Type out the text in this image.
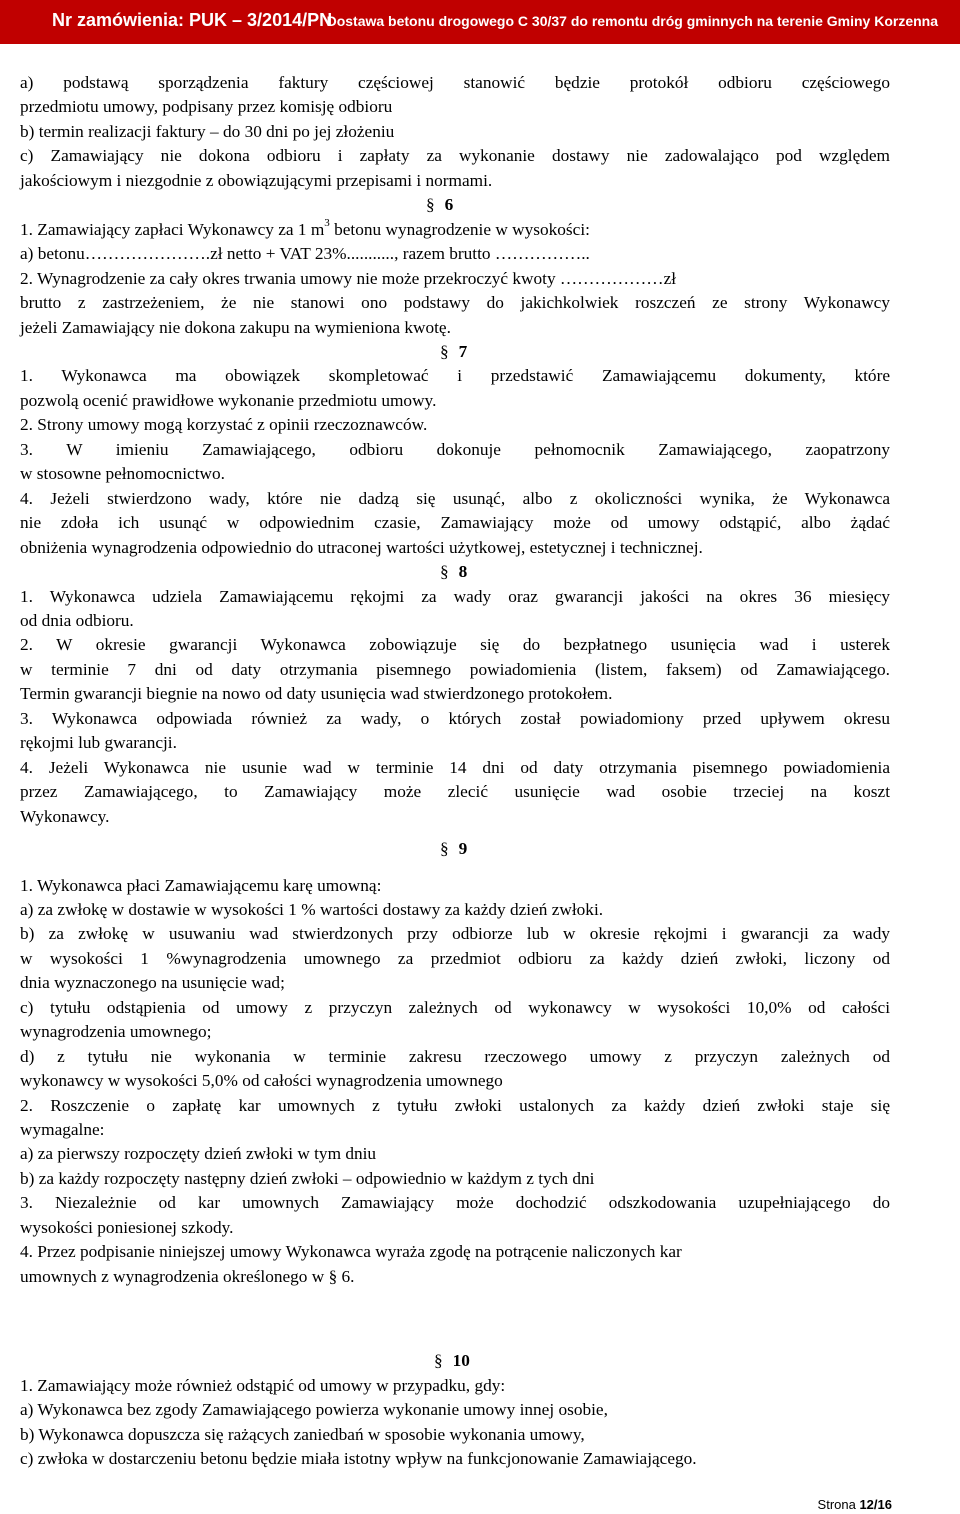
Nr zamówienia: PUK – 3/2014/PN
Dostawa betonu drogowego C 30/37 do remontu dróg gminnych na terenie Gminy Korzenna
a) podstawą sporządzenia faktury częściowej stanowić będzie protokół odbioru częściowego
przedmiotu umowy, podpisany przez komisję odbioru
b) termin realizacji faktury – do 30 dni po jej złożeniu
c) Zamawiający nie dokona odbioru i zapłaty za wykonanie dostawy nie zadowalająco pod względem
jakościowym i niezgodnie z obowiązującymi przepisami i normami.
§ 6
1. Zamawiający zapłaci Wykonawcy za 1 $m^3$ betonu wynagrodzenie w wysokości:
a) betonu………………….zł netto + VAT 23%..........., razem brutto ……………..
2. Wynagrodzenie za cały okres trwania umowy nie może przekroczyć kwoty ………………zł
brutto z zastrzeżeniem, że nie stanowi ono podstawy do jakichkolwiek roszczeń ze strony Wykonawcy
jeżeli Zamawiający nie dokona zakupu na wymieniona kwotę.
§ 7
1. Wykonawca ma obowiązek skompletować i przedstawić Zamawiającemu dokumenty, które
pozwolą ocenić prawidłowe wykonanie przedmiotu umowy.
2. Strony umowy mogą korzystać z opinii rzeczoznawców.
3. W imieniu Zamawiającego, odbioru dokonuje pełnomocnik Zamawiającego, zaopatrzony
w stosowne pełnomocnictwo.
4. Jeżeli stwierdzono wady, które nie dadzą się usunąć, albo z okoliczności wynika, że Wykonawca
nie zdoła ich usunąć w odpowiednim czasie, Zamawiający może od umowy odstąpić, albo żądać
obniżenia wynagrodzenia odpowiednio do utraconej wartości użytkowej, estetycznej i technicznej.
§ 8
1. Wykonawca udziela Zamawiającemu rękojmi za wady oraz gwarancji jakości na okres 36 miesięcy
od dnia odbioru.
2. W okresie gwarancji Wykonawca zobowiązuje się do bezpłatnego usunięcia wad i usterek
w terminie 7 dni od daty otrzymania pisemnego powiadomienia (listem, faksem) od Zamawiającego.
Termin gwarancji biegnie na nowo od daty usunięcia wad stwierdzonego protokołem.
3. Wykonawca odpowiada również za wady, o których został powiadomiony przed upływem okresu
rękojmi lub gwarancji.
4. Jeżeli Wykonawca nie usunie wad w terminie 14 dni od daty otrzymania pisemnego powiadomienia
przez Zamawiającego, to Zamawiający może zlecić usunięcie wad osobie trzeciej na koszt
Wykonawcy.
§ 9
1. Wykonawca płaci Zamawiającemu karę umowną:
a) za zwłokę w dostawie w wysokości 1 % wartości dostawy za każdy dzień zwłoki.
b) za zwłokę w usuwaniu wad stwierdzonych przy odbiorze lub w okresie rękojmi i gwarancji za wady
w wysokości 1 %wynagrodzenia umownego za przedmiot odbioru za każdy dzień zwłoki, liczony od
dnia wyznaczonego na usunięcie wad;
c) tytułu odstąpienia od umowy z przyczyn zależnych od wykonawcy w wysokości 10,0% od całości
wynagrodzenia umownego;
d) z tytułu nie wykonania w terminie zakresu rzeczowego umowy z przyczyn zależnych od
wykonawcy w wysokości 5,0% od całości wynagrodzenia umownego
2. Roszczenie o zapłatę kar umownych z tytułu zwłoki ustalonych za każdy dzień zwłoki staje się
wymagalne:
a) za pierwszy rozpoczęty dzień zwłoki w tym dniu
b) za każdy rozpoczęty następny dzień zwłoki – odpowiednio w każdym z tych dni
3. Niezależnie od kar umownych Zamawiający może dochodzić odszkodowania uzupełniającego do
wysokości poniesionej szkody.
4. Przez podpisanie niniejszej umowy Wykonawca wyraża zgodę na potrącenie naliczonych kar
umownych z wynagrodzenia określonego w § 6.
§ 10
1. Zamawiający może również odstąpić od umowy w przypadku, gdy:
a) Wykonawca bez zgody Zamawiającego powierza wykonanie umowy innej osobie,
b) Wykonawca dopuszcza się rażących zaniedbań w sposobie wykonania umowy,
c) zwłoka w dostarczeniu betonu będzie miała istotny wpływ na funkcjonowanie Zamawiającego.
Strona 12/16
